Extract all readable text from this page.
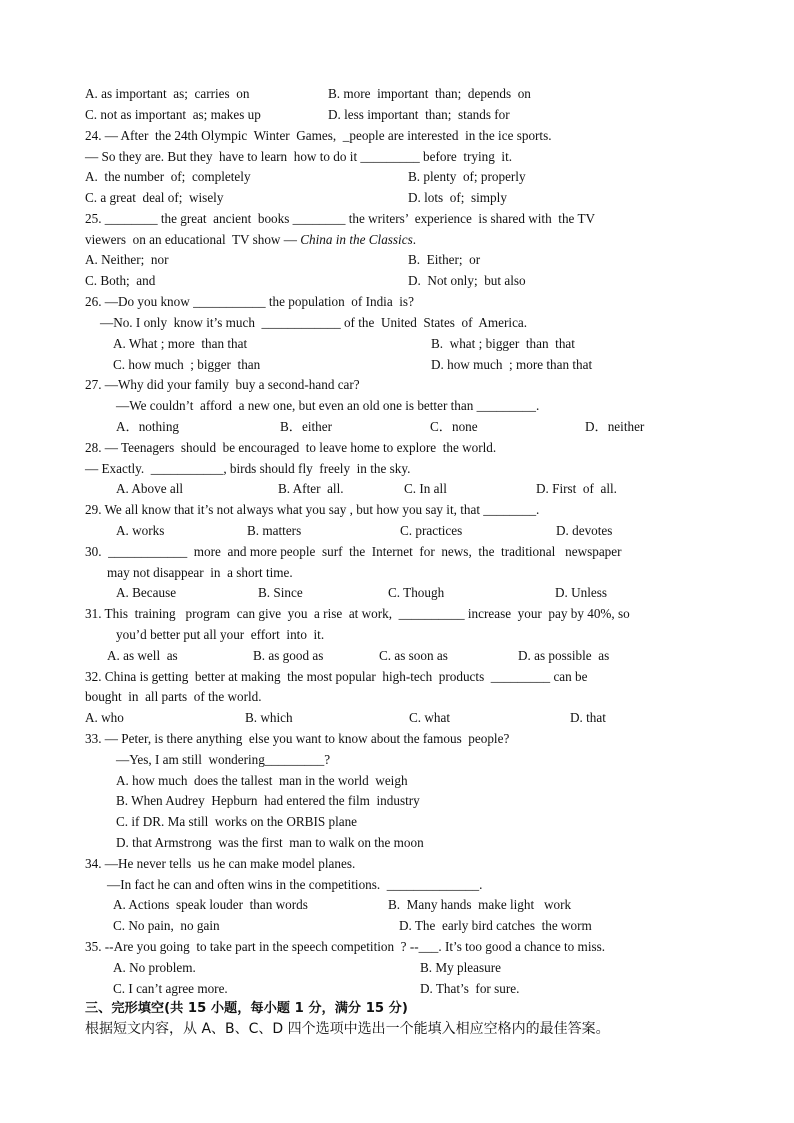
A. as important  as;  carries  on	B. more  important  than;  depends  on
C. not as important  as; makes up	D. less important  than;  stands for
24. — After  the 24th Olympic  Winter  Games,  _people are interested  in the ice sports.
— So they are. But they  have to learn  how to do it _________ before  trying  it.
A.  the number  of;  completely	B. plenty  of; properly
C. a great  deal of;  wisely	D. lots  of;  simply
25. ________ the great  ancient  books ________ the writers’  experience  is shared with  the TV
viewers  on an educational  TV show — China in the Classics.
A. Neither;  nor	B.  Either;  or
C. Both;  and	D.  Not only;  but also
26. —Do you know ___________ the population  of India  is?
—No. I only  know it’s much  ____________ of the  United  States  of  America.
A. What ; more  than that	B.  what ; bigger  than  that
C. how much  ; bigger  than	D. how much  ; more than that
27. —Why did your family  buy a second-hand car?
—We couldn’t  afford  a new one, but even an old one is better than _________.
A．nothing	B．either	C．none	D．neither
28. — Teenagers  should  be encouraged  to leave home to explore  the world.
— Exactly.  ___________, birds should fly  freely  in the sky.
A. Above all	B. After  all.	C. In all	D. First  of  all.
29. We all know that it’s not always what you say , but how you say it, that ________.
A. works	B. matters	C. practices	D. devotes
30.  ____________  more  and more people  surf  the  Internet  for  news,  the  traditional   newspaper
may not disappear  in  a short time.
A. Because	B. Since	C. Though	D. Unless
31. This  training   program  can give  you  a rise  at work,  __________ increase  your  pay by 40%, so
you’d better put all your  effort  into  it.
A. as well  as	B. as good as	C. as soon as	D. as possible  as
32. China is getting  better at making  the most popular  high-tech  products  _________ can be
bought  in  all parts  of the world.
A. who	B. which	C. what	D. that
33. — Peter, is there anything  else you want to know about the famous  people?
—Yes, I am still  wondering_________?
A. how much  does the tallest  man in the world  weigh
B. When Audrey  Hepburn  had entered the film  industry
C. if DR. Ma still  works on the ORBIS plane
D. that Armstrong  was the first  man to walk on the moon
34. —He never tells  us he can make model planes.
—In fact he can and often wins in the competitions.  ______________.
A. Actions  speak louder  than words	B.  Many hands  make light   work
C. No pain,  no gain	D. The  early bird catches  the worm
35. --Are you going  to take part in the speech competition  ? --___. It’s too good a chance to miss.
A. No problem.	B. My pleasure
C. I can’t agree more.	D. That’s  for sure.
三、完形填空(共 15 小题，每小题 1 分，满分 15 分)
根据短文内容，从 A、B、C、D 四个选项中选出一个能填入相应空格内的最佳答案。
